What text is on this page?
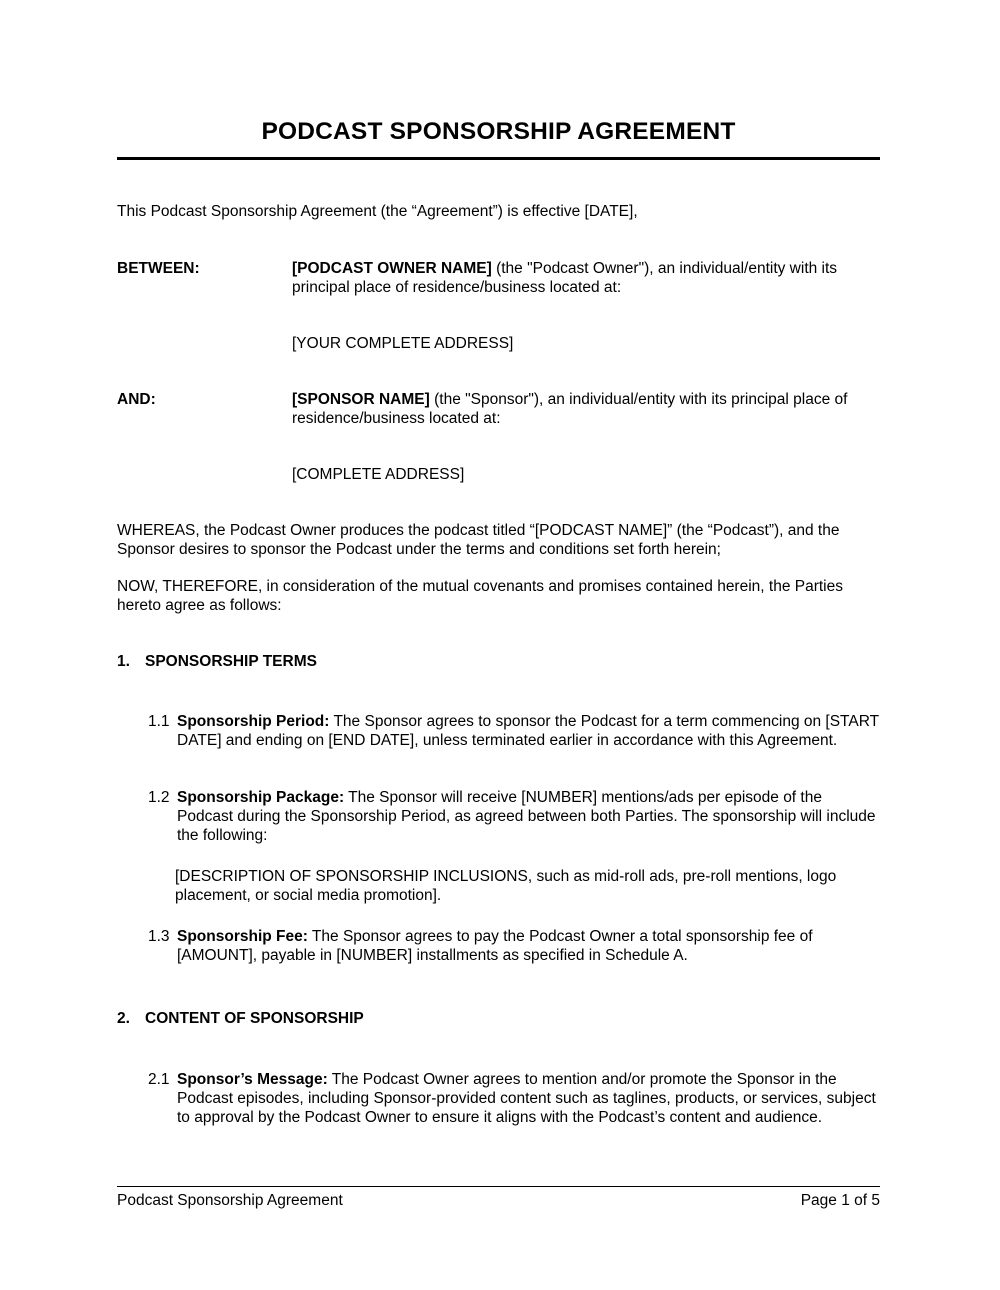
PODCAST SPONSORSHIP AGREEMENT
This Podcast Sponsorship Agreement (the “Agreement”) is effective [DATE],
BETWEEN:	[PODCAST OWNER NAME] (the "Podcast Owner"), an individual/entity with its principal place of residence/business located at:
[YOUR COMPLETE ADDRESS]
AND:	[SPONSOR NAME] (the "Sponsor"), an individual/entity with its principal place of residence/business located at:
[COMPLETE ADDRESS]
WHEREAS, the Podcast Owner produces the podcast titled “[PODCAST NAME]” (the “Podcast”), and the Sponsor desires to sponsor the Podcast under the terms and conditions set forth herein;
NOW, THEREFORE, in consideration of the mutual covenants and promises contained herein, the Parties hereto agree as follows:
1. SPONSORSHIP TERMS
1.1 Sponsorship Period: The Sponsor agrees to sponsor the Podcast for a term commencing on [START DATE] and ending on [END DATE], unless terminated earlier in accordance with this Agreement.
1.2 Sponsorship Package: The Sponsor will receive [NUMBER] mentions/ads per episode of the Podcast during the Sponsorship Period, as agreed between both Parties. The sponsorship will include the following:
[DESCRIPTION OF SPONSORSHIP INCLUSIONS, such as mid-roll ads, pre-roll mentions, logo placement, or social media promotion].
1.3 Sponsorship Fee: The Sponsor agrees to pay the Podcast Owner a total sponsorship fee of [AMOUNT], payable in [NUMBER] installments as specified in Schedule A.
2. CONTENT OF SPONSORSHIP
2.1 Sponsor’s Message: The Podcast Owner agrees to mention and/or promote the Sponsor in the Podcast episodes, including Sponsor-provided content such as taglines, products, or services, subject to approval by the Podcast Owner to ensure it aligns with the Podcast’s content and audience.
Podcast Sponsorship Agreement	Page 1 of 5
